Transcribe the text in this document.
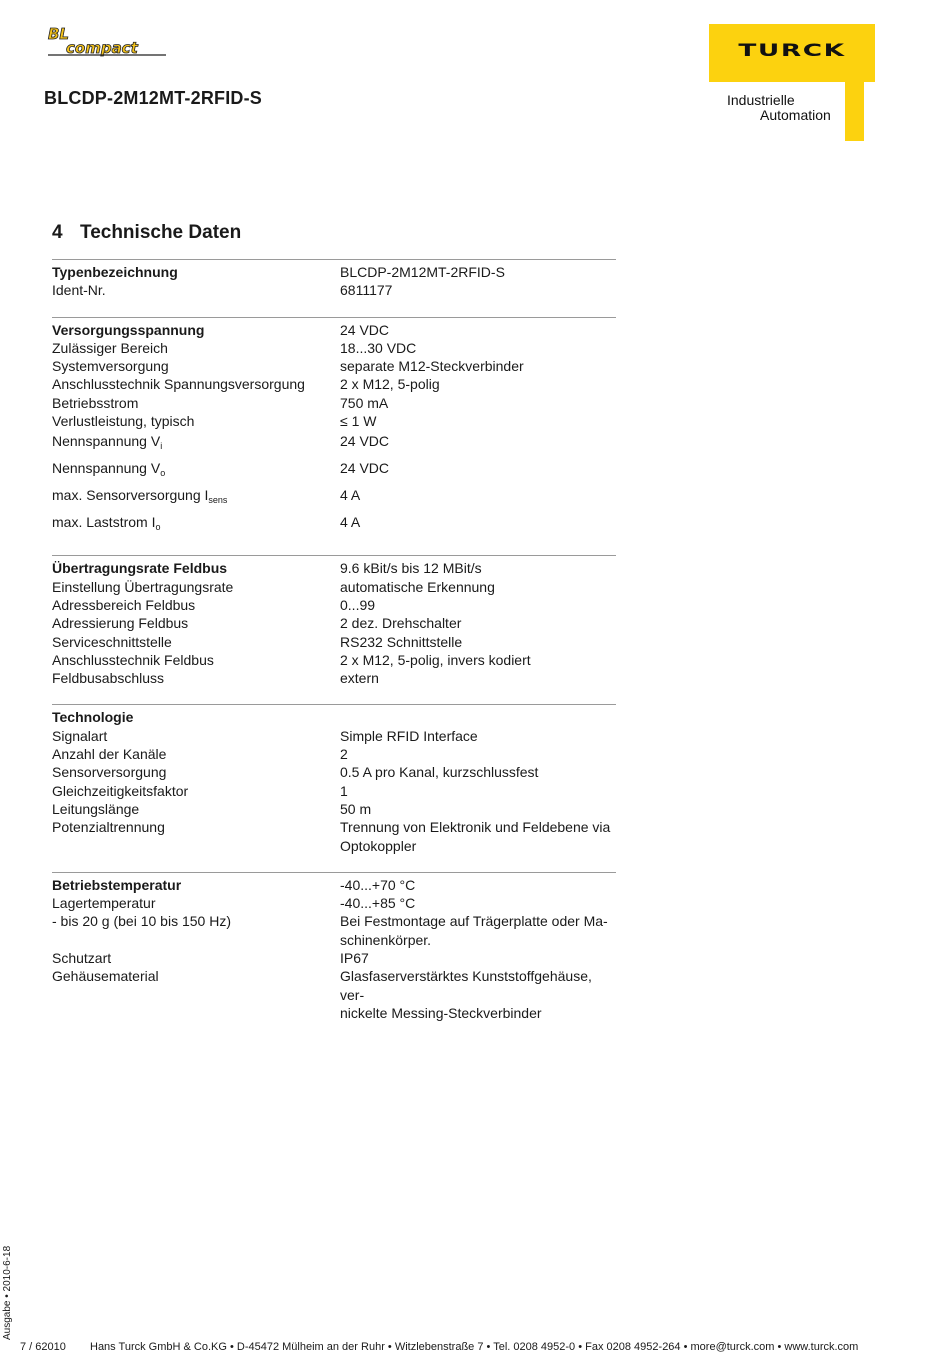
BL
compact
BLCDP-2M12MT-2RFID-S
TURCK
Industrielle
Automation
4 Technische Daten
Typenbezeichnung	BLCDP-2M12MT-2RFID-S
Ident-Nr.	6811177
Versorgungsspannung	24 VDC
Zulässiger Bereich	18...30 VDC
Systemversorgung	separate M12-Steckverbinder
Anschlusstechnik Spannungsversorgung	2 x M12, 5-polig
Betriebsstrom	750 mA
Verlustleistung, typisch	≤ 1 W
Nennspannung $V_i$	24 VDC
Nennspannung $V_o$	24 VDC
max. Sensorversorgung $I_{sens}$	4 A
max. Laststrom $I_o$	4 A
Übertragungsrate Feldbus	9.6 kBit/s bis 12 MBit/s
Einstellung Übertragungsrate	automatische Erkennung
Adressbereich Feldbus	0...99
Adressierung Feldbus	2 dez. Drehschalter
Serviceschnittstelle	RS232 Schnittstelle
Anschlusstechnik Feldbus	2 x M12, 5-polig, invers kodiert
Feldbusabschluss	extern
Technologie
Signalart	Simple RFID Interface
Anzahl der Kanäle	2
Sensorversorgung	0.5 A pro Kanal, kurzschlussfest
Gleichzeitigkeitsfaktor	1
Leitungslänge	50 m
Potenzialtrennung	Trennung von Elektronik und Feldebene via
Optokoppler
Betriebstemperatur	-40...+70 °C
Lagertemperatur	-40...+85 °C
- bis 20 g (bei 10 bis 150 Hz)	Bei Festmontage auf Trägerplatte oder Ma-
schinenkörper.
Schutzart	IP67
Gehäusematerial	Glasfaserverstärktes Kunststoffgehäuse, ver-
nickelte Messing-Steckverbinder
Ausgabe • 2010-6-18
7 / 62010 Hans Turck GmbH & Co.KG • D-45472 Mülheim an der Ruhr • Witzlebenstraße 7 • Tel. 0208 4952-0 • Fax 0208 4952-264 • more@turck.com • www.turck.com
